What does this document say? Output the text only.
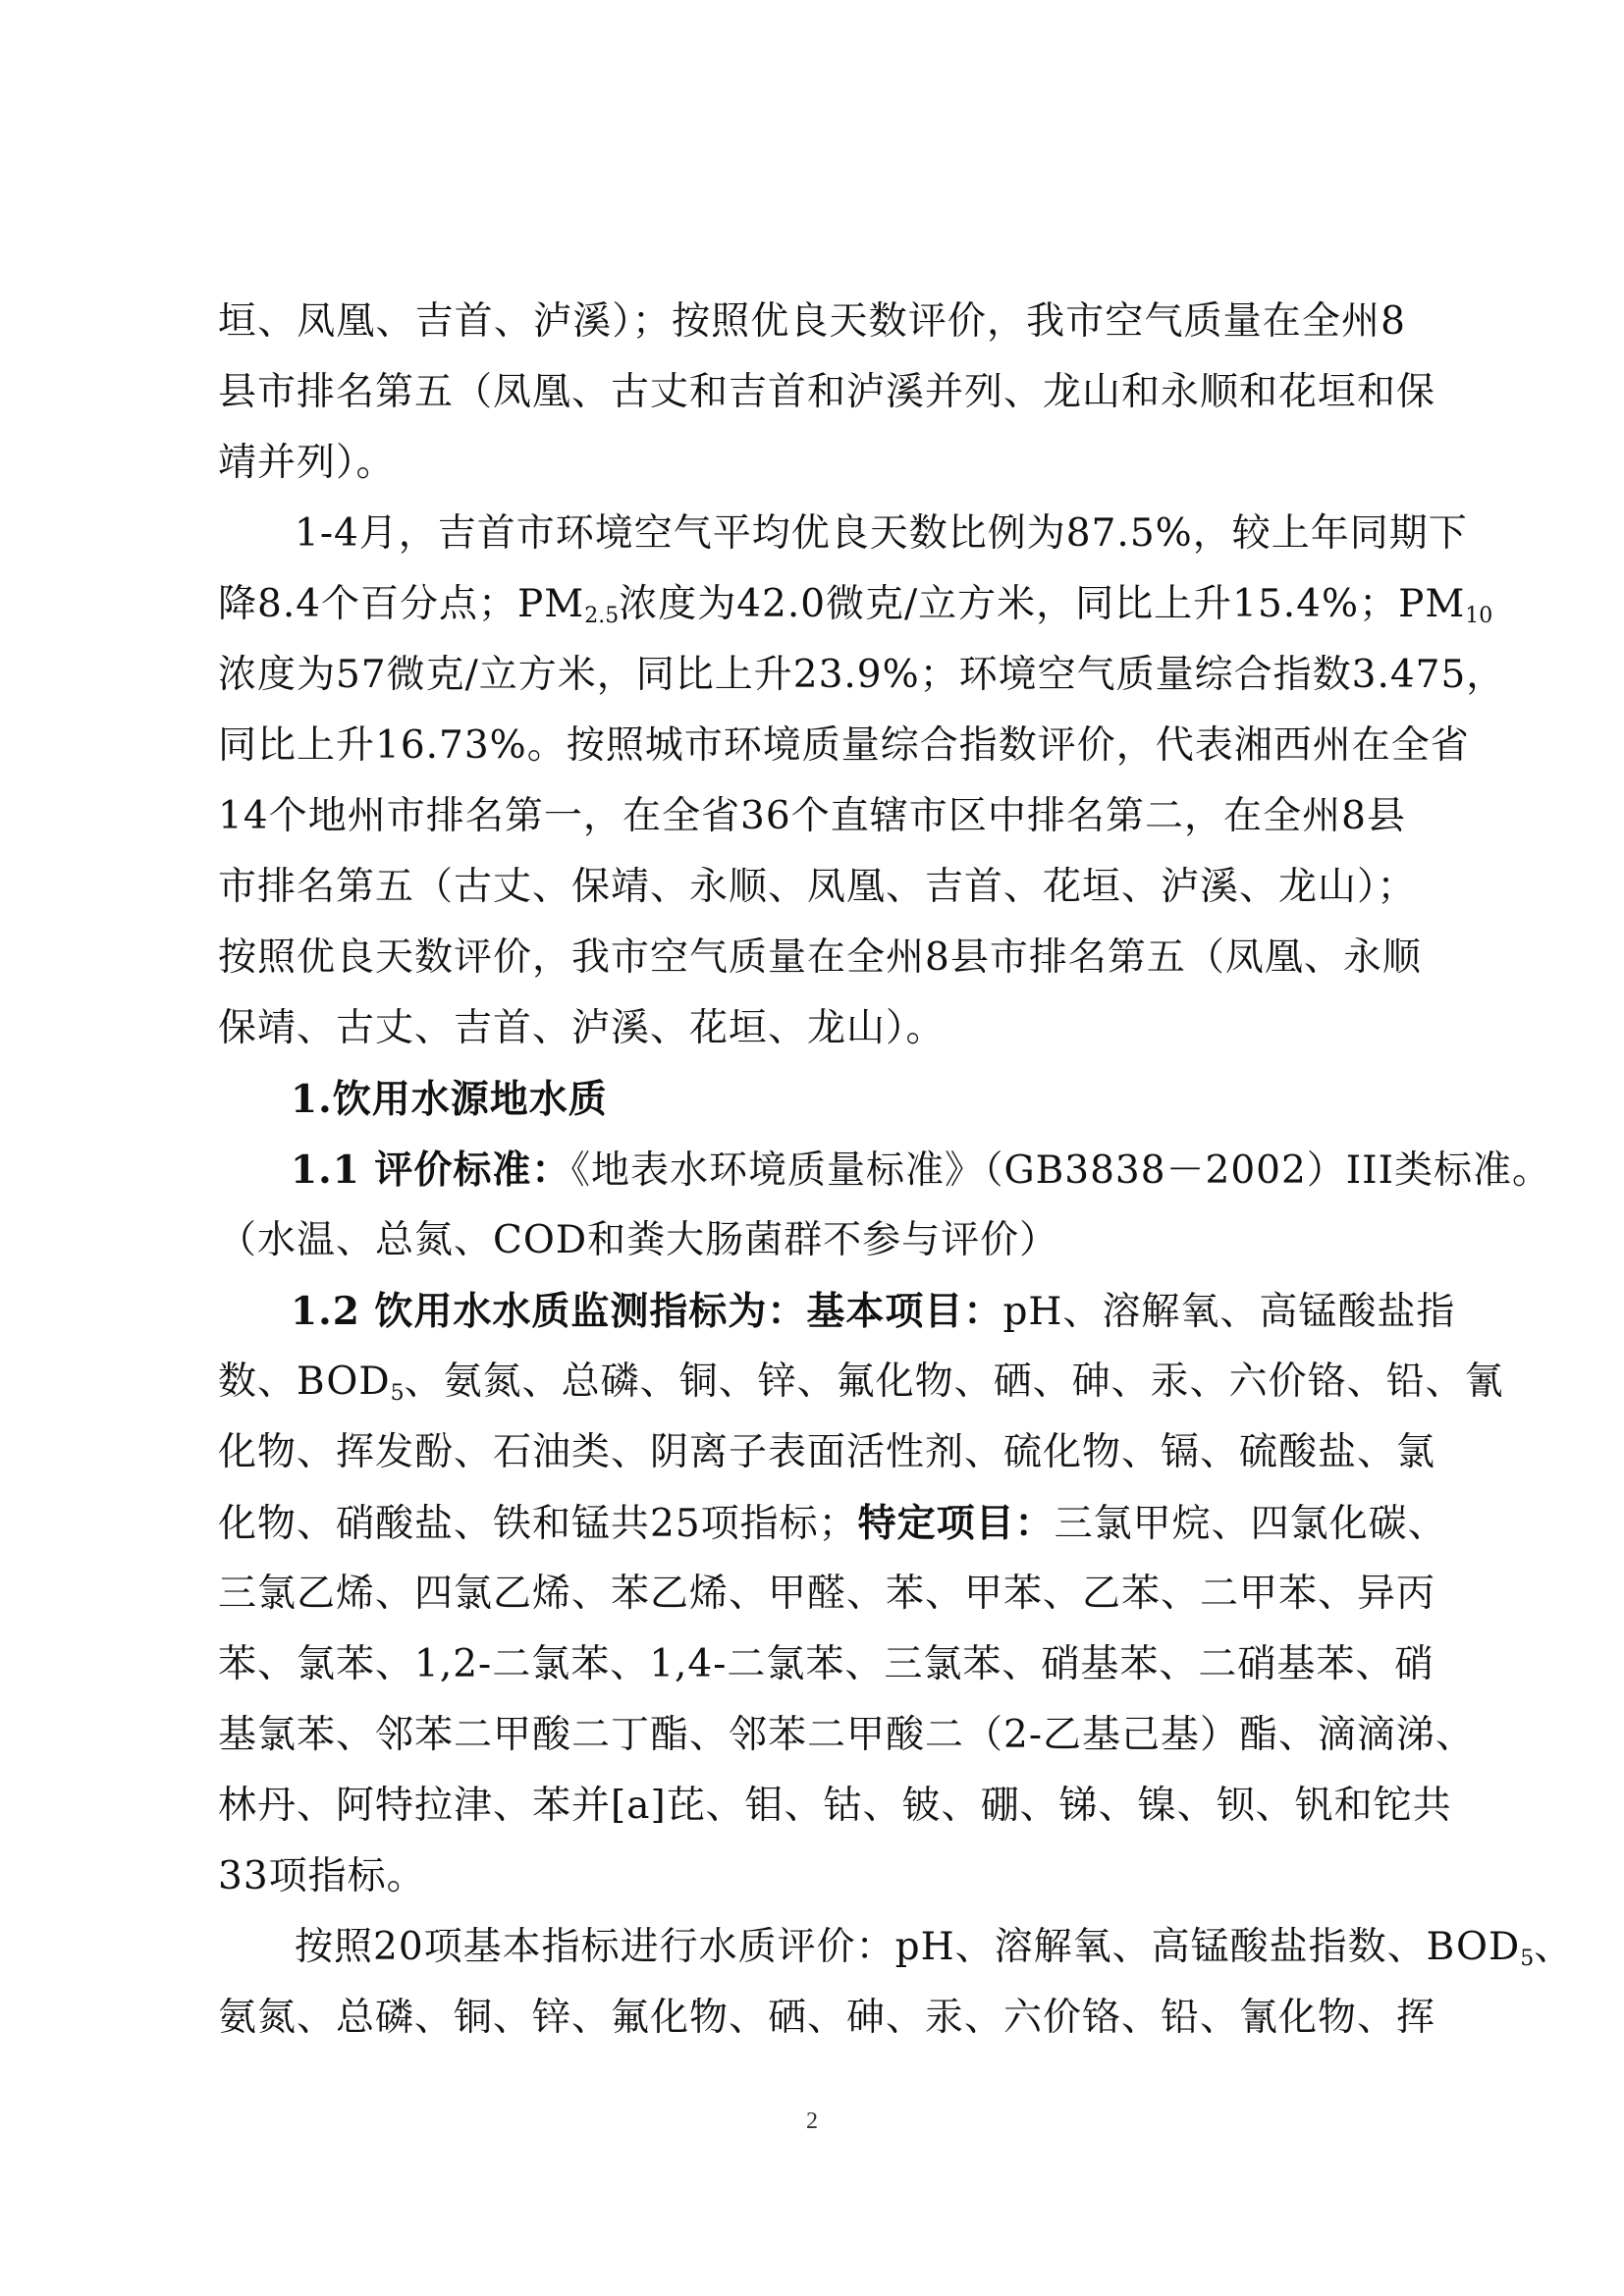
垣、凤凰、吉首、泸溪）；按照优良天数评价，我市空气质量在全州8
县市排名第五（凤凰、古丈和吉首和泸溪并列、龙山和永顺和花垣和保
靖并列）。
1-4月，吉首市环境空气平均优良天数比例为87.5%，较上年同期下
降8.4个百分点；$PM_{2.5}$浓度为42.0微克/立方米，同比上升15.4%；$PM_{10}$
浓度为57微克/立方米，同比上升23.9%；环境空气质量综合指数3.475，
同比上升16.73%。按照城市环境质量综合指数评价，代表湘西州在全省
14个地州市排名第一，在全省36个直辖市区中排名第二，在全州8县
市排名第五（古丈、保靖、永顺、凤凰、吉首、花垣、泸溪、龙山）；
按照优良天数评价，我市空气质量在全州8县市排名第五（凤凰、永顺
保靖、古丈、吉首、泸溪、花垣、龙山）。
1.饮用水源地水质
1.1 评价标准：《地表水环境质量标准》（GB3838－2002）III类标准。
（水温、总氮、COD和粪大肠菌群不参与评价）
1.2 饮用水水质监测指标为：基本项目：pH、溶解氧、高锰酸盐指
数、$BOD_5$、氨氮、总磷、铜、锌、氟化物、硒、砷、汞、六价铬、铅、氰
化物、挥发酚、石油类、阴离子表面活性剂、硫化物、镉、硫酸盐、氯
化物、硝酸盐、铁和锰共25项指标；特定项目：三氯甲烷、四氯化碳、
三氯乙烯、四氯乙烯、苯乙烯、甲醛、苯、甲苯、乙苯、二甲苯、异丙
苯、氯苯、1,2-二氯苯、1,4-二氯苯、三氯苯、硝基苯、二硝基苯、硝
基氯苯、邻苯二甲酸二丁酯、邻苯二甲酸二（2-乙基己基）酯、滴滴涕、
林丹、阿特拉津、苯并[a]芘、钼、钴、铍、硼、锑、镍、钡、钒和铊共
33项指标。
按照20项基本指标进行水质评价：pH、溶解氧、高锰酸盐指数、$BOD_5$、
氨氮、总磷、铜、锌、氟化物、硒、砷、汞、六价铬、铅、氰化物、挥
2
